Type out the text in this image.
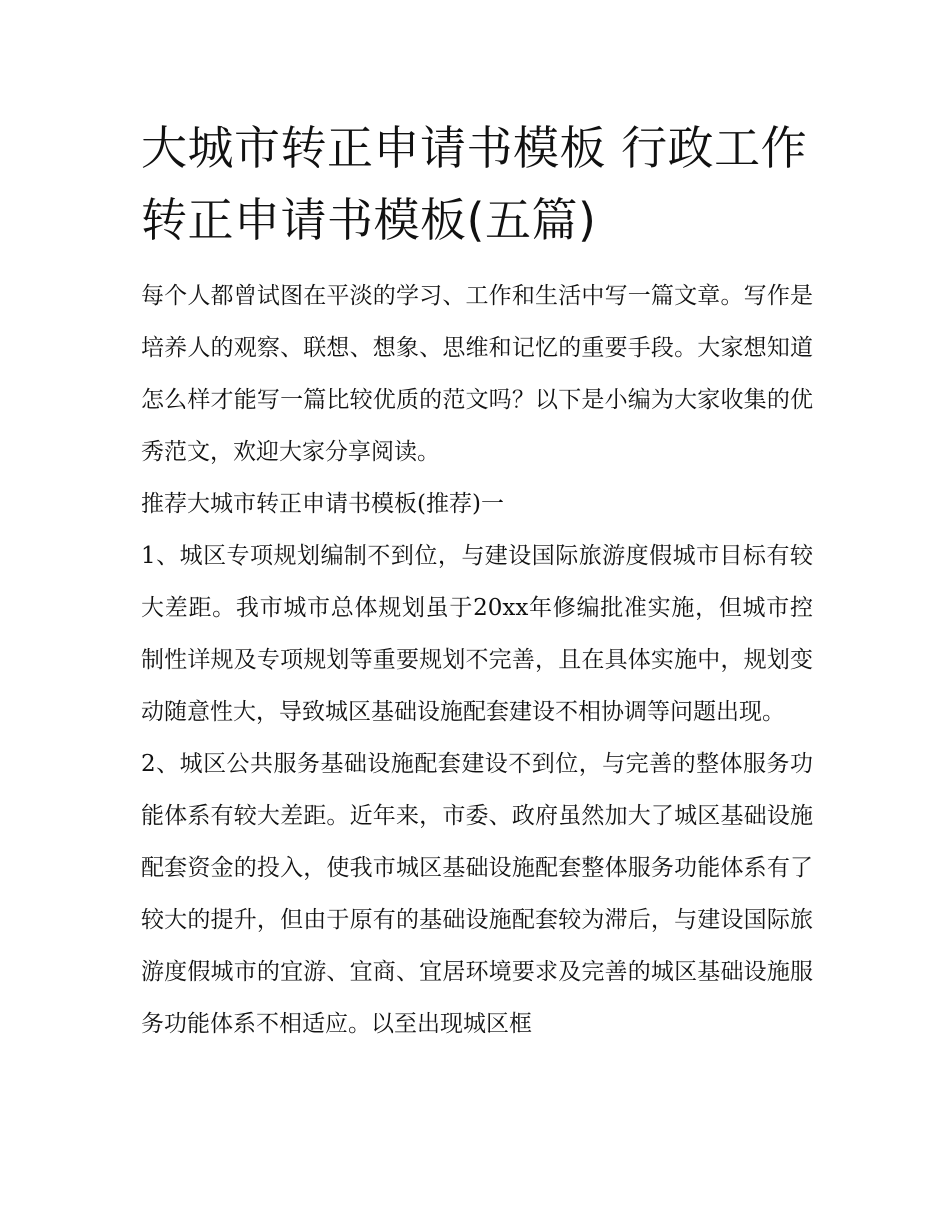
大城市转正申请书模板 行政工作转正申请书模板(五篇)

每个人都曾试图在平淡的学习、工作和生活中写一篇文章。写作是培养人的观察、联想、想象、思维和记忆的重要手段。大家想知道怎么样才能写一篇比较优质的范文吗？以下是小编为大家收集的优秀范文，欢迎大家分享阅读。

推荐大城市转正申请书模板(推荐)一

1、城区专项规划编制不到位，与建设国际旅游度假城市目标有较大差距。我市城市总体规划虽于20xx年修编批准实施，但城市控制性详规及专项规划等重要规划不完善，且在具体实施中，规划变动随意性大，导致城区基础设施配套建设不相协调等问题出现。

2、城区公共服务基础设施配套建设不到位，与完善的整体服务功能体系有较大差距。近年来，市委、政府虽然加大了城区基础设施配套资金的投入，使我市城区基础设施配套整体服务功能体系有了较大的提升，但由于原有的基础设施配套较为滞后，与建设国际旅游度假城市的宜游、宜商、宜居环境要求及完善的城区基础设施服务功能体系不相适应。以至出现城区框
